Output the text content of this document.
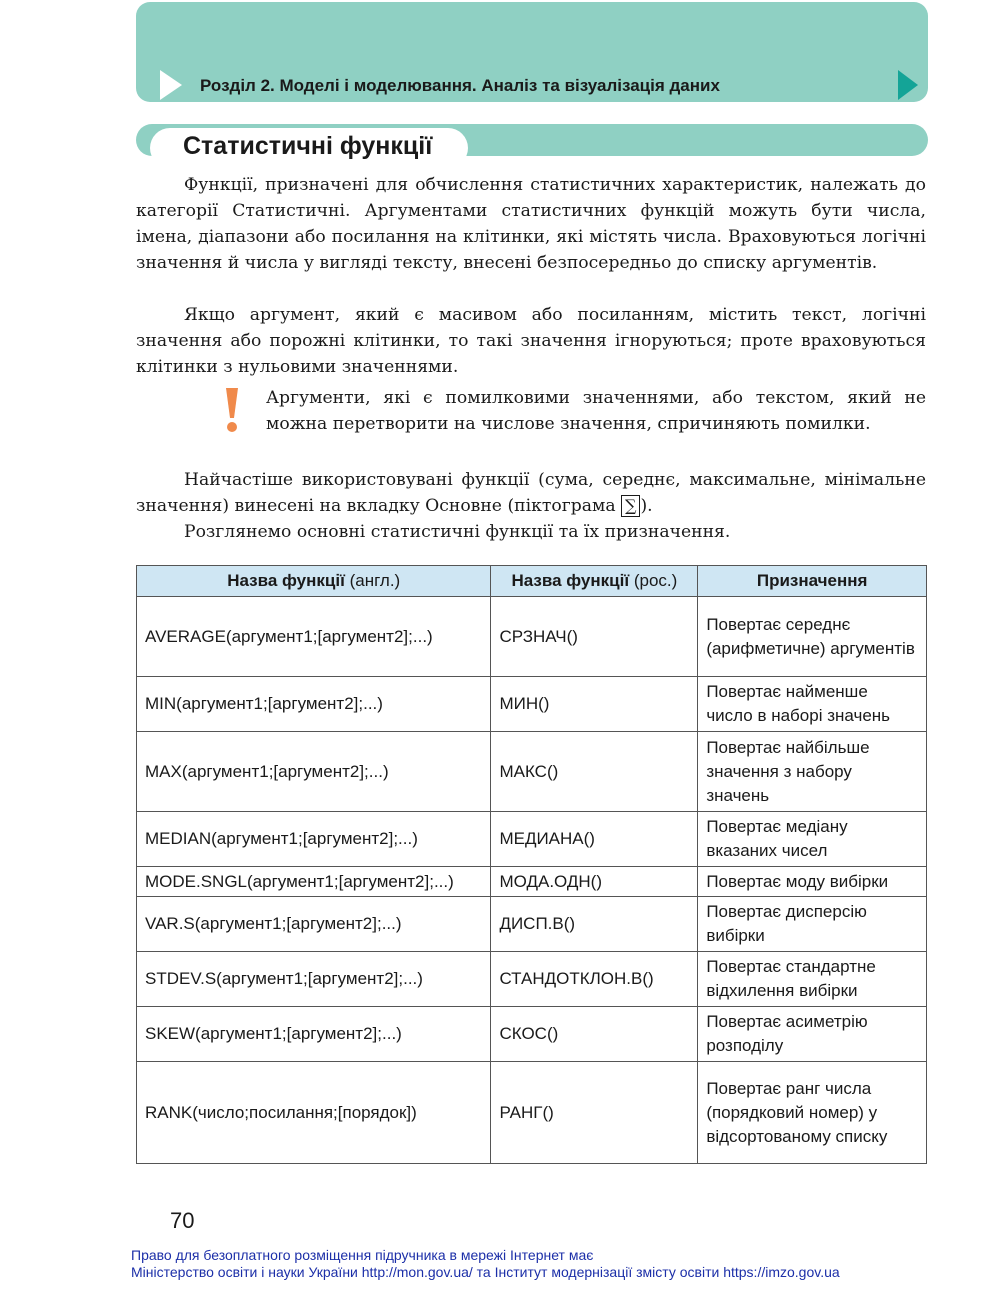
Розділ 2. Моделі і моделювання. Аналіз та візуалізація даних
Статистичні функції

Функції, призначені для обчислення статистичних характеристик, належать до категорії Статистичні. Аргументами статистичних функцій можуть бути числа, імена, діапазони або посилання на клітинки, які містять числа. Враховуються логічні значення й числа у вигляді тексту, внесені безпосередньо до списку аргументів.

Якщо аргумент, який є масивом або посиланням, містить текст, логічні значення або порожні клітинки, то такі значення ігноруються; проте враховуються клітинки з нульовими значеннями.

Аргументи, які є помилковими значеннями, або текстом, який не можна перетворити на числове значення, спричиняють помилки.

Найчастіше використовувані функції (сума, середнє, максимальне, мінімальне значення) винесені на вкладку Основне (піктограма ∑ ).

Розглянемо основні статистичні функції та їх призначення.

Назва функції (англ.)	Назва функції (рос.)	Призначення
AVERAGE(аргумент1;[аргумент2];...)	СРЗНАЧ()	Повертає середнє (арифметичне) аргументів
MIN(аргумент1;[аргумент2];...)	МИН()	Повертає найменше число в наборі значень
MAX(аргумент1;[аргумент2];...)	МАКС()	Повертає найбільше значення з набору значень
MEDIAN(аргумент1;[аргумент2];...)	МЕДИАНА()	Повертає медіану вказаних чисел
MODE.SNGL(аргумент1;[аргумент2];...)	МОДА.ОДН()	Повертає моду вибірки
VAR.S(аргумент1;[аргумент2];...)	ДИСП.В()	Повертає дисперсію вибірки
STDEV.S(аргумент1;[аргумент2];...)	СТАНДОТКЛОН.В()	Повертає стандартне відхилення вибірки
SKEW(аргумент1;[аргумент2];...)	СКОС()	Повертає асиметрію розподілу
RANK(число;посилання;[порядок])	РАНГ()	Повертає ранг числа (порядковий номер) у відсортованому списку
70
Право для безоплатного розміщення підручника в мережі Інтернет має
Міністерство освіти і науки України http://mon.gov.ua/ та Інститут модернізації змісту освіти https://imzo.gov.ua
